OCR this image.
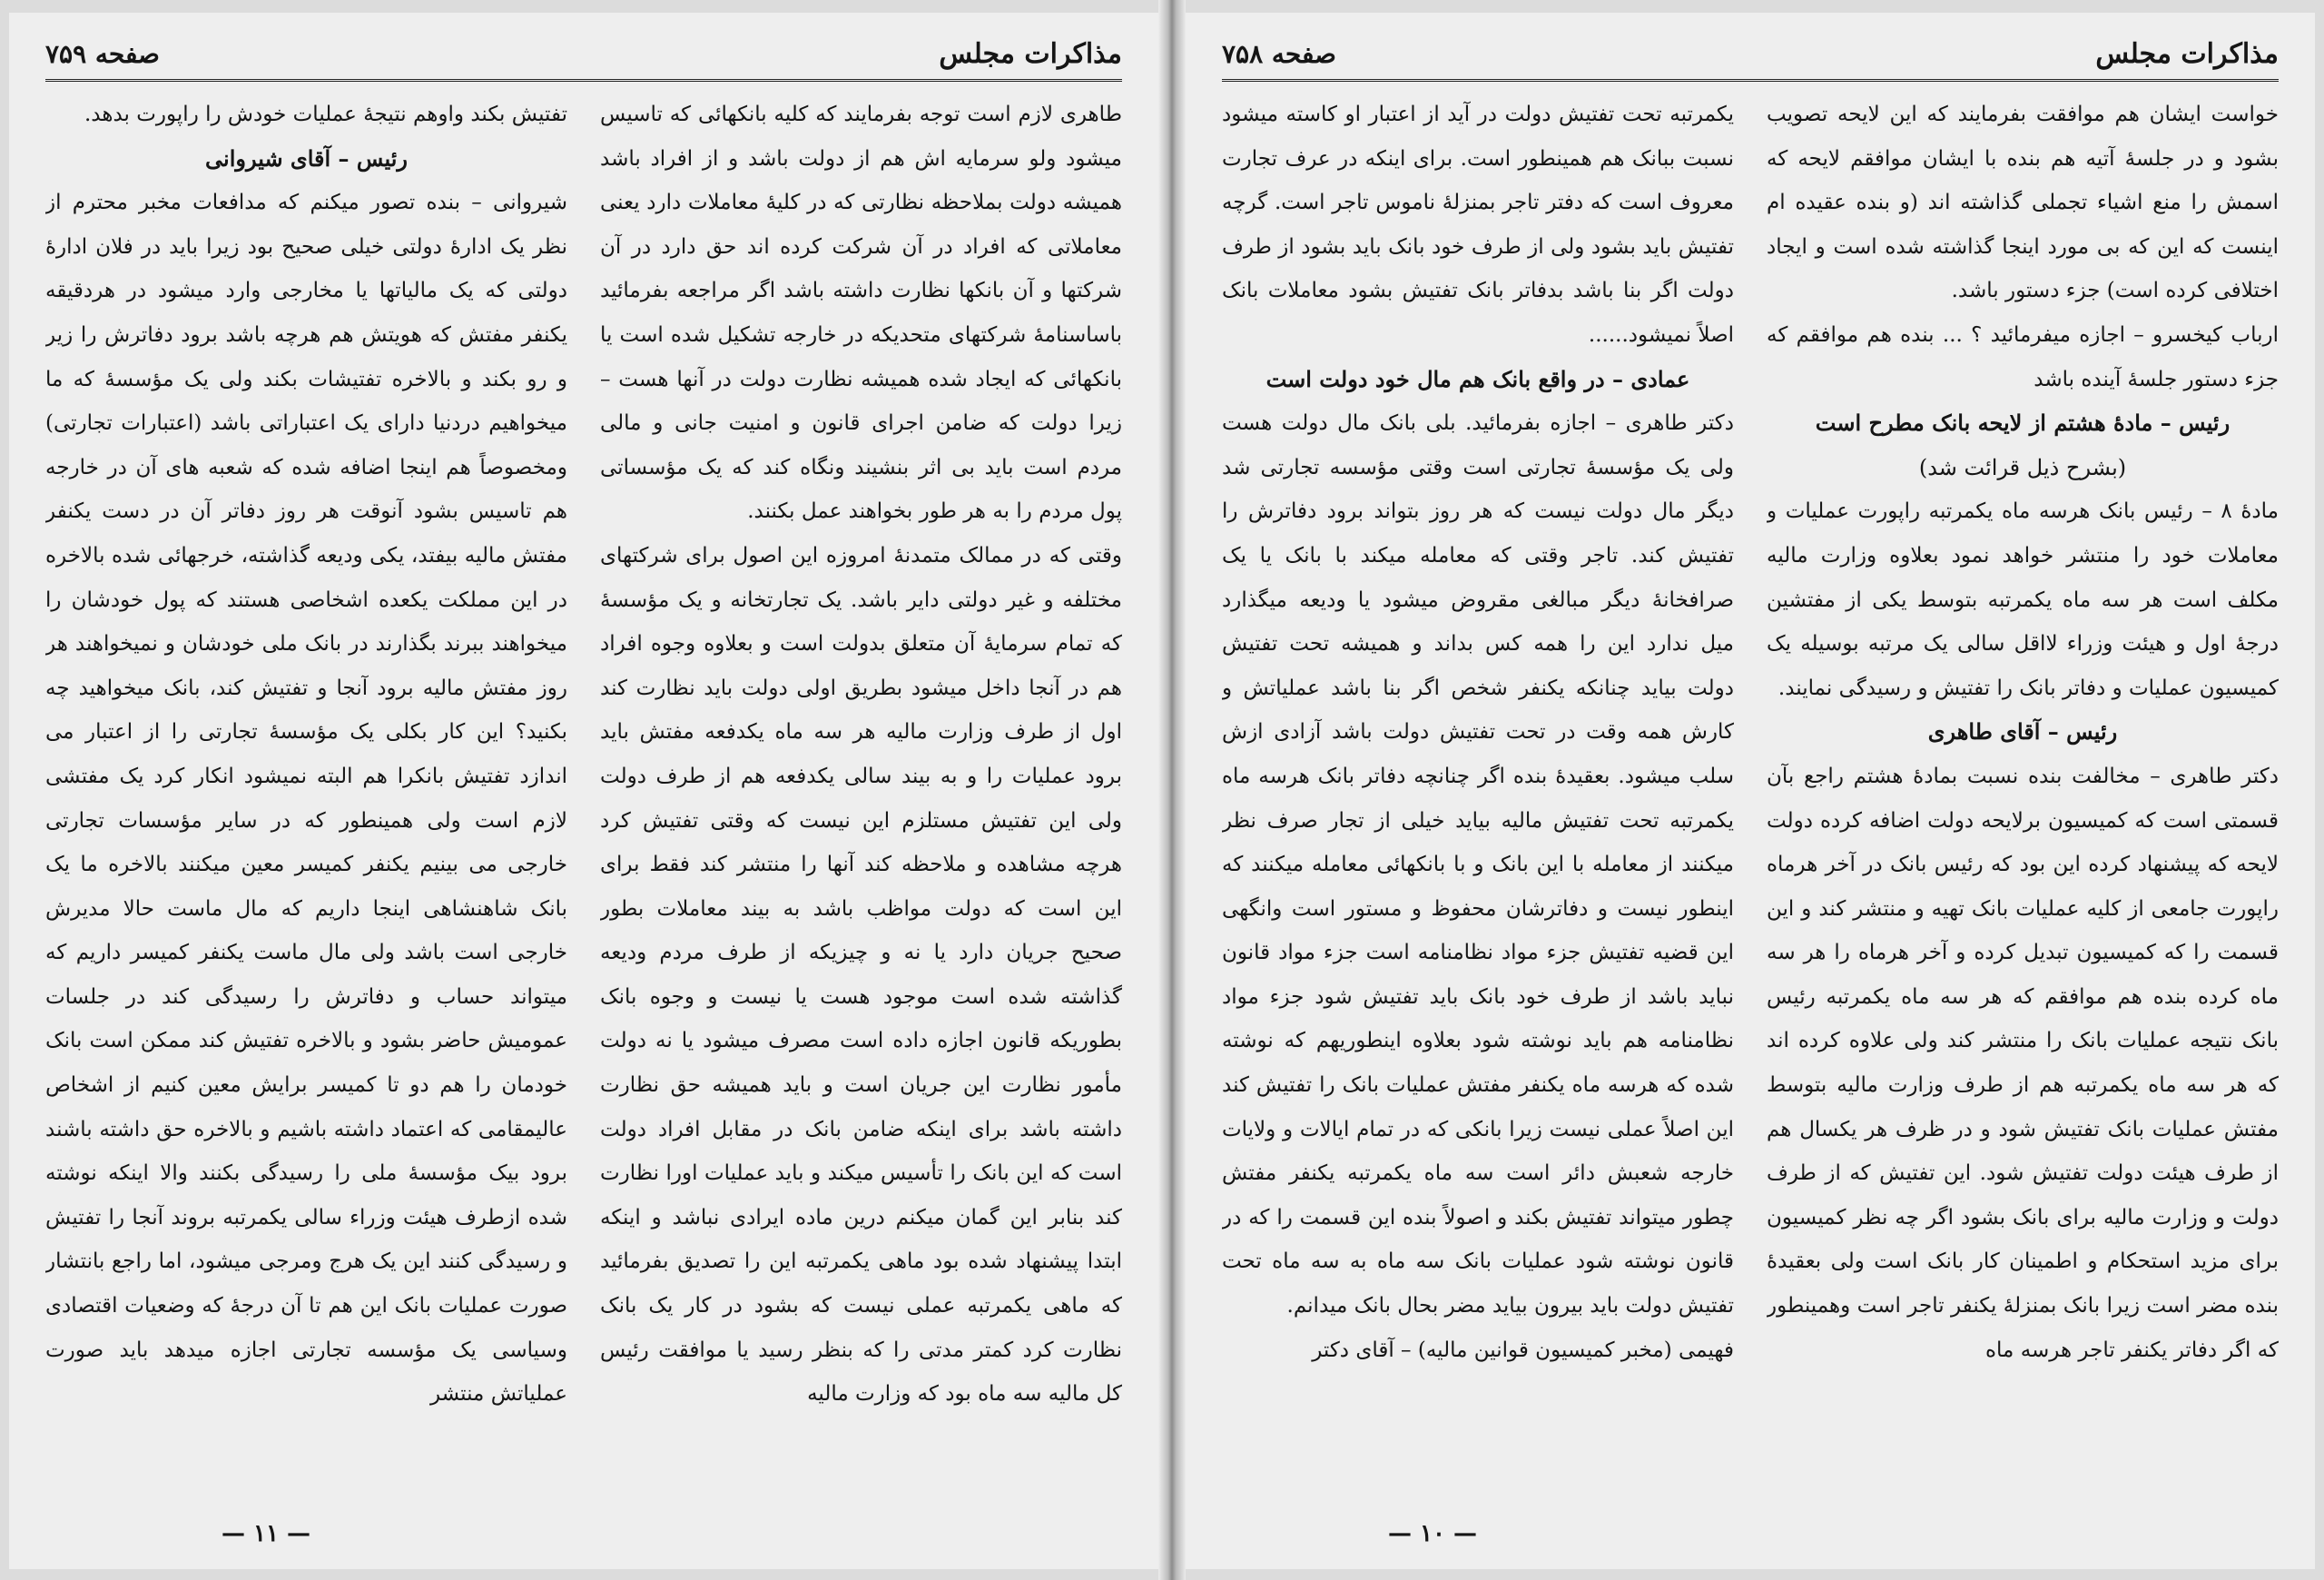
مذاکرات مجلس
صفحه ۷۵۹

طاهری لازم است توجه بفرمایند که کلیه بانکهائی که تاسیس میشود ولو سرمایه اش هم از دولت باشد و از افراد باشد همیشه دولت بملاحظه نظارتی که در کلیهٔ معاملات دارد یعنی معاملاتی که افراد در آن شرکت کرده اند حق دارد در آن شرکتها و آن بانکها نظارت داشته باشد اگر مراجعه بفرمائید باساسنامهٔ شرکتهای متحدیکه در خارجه تشکیل شده است یا بانکهائی که ایجاد شده همیشه نظارت دولت در آنها هست – زیرا دولت که ضامن اجرای قانون و امنیت جانی و مالی مردم است باید بی اثر بنشیند ونگاه کند که یک مؤسساتی پول مردم را به هر طور بخواهند عمل بکنند.

وقتی که در ممالک متمدنهٔ امروزه این اصول برای شرکتهای مختلفه و غیر دولتی دایر باشد. یک تجارتخانه و یک مؤسسهٔ که تمام سرمایهٔ آن متعلق بدولت است و بعلاوه وجوه افراد هم در آنجا داخل میشود بطریق اولی دولت باید نظارت کند اول از طرف وزارت مالیه هر سه ماه یکدفعه مفتش باید برود عملیات را و به بیند سالی یکدفعه هم از طرف دولت ولی این تفتیش مستلزم این نیست که وقتی تفتیش کرد هرچه مشاهده و ملاحظه کند آنها را منتشر کند فقط برای این است که دولت مواظب باشد به بیند معاملات بطور صحیح جریان دارد یا نه و چیزیکه از طرف مردم ودیعه گذاشته شده است موجود هست یا نیست و وجوه بانک بطوریکه قانون اجازه داده است مصرف میشود یا نه دولت مأمور نظارت این جریان است و باید همیشه حق نظارت داشته باشد برای اینکه ضامن بانک در مقابل افراد دولت است که این بانک را تأسیس میکند و باید عملیات اورا نظارت کند بنابر این گمان میکنم درین ماده ایرادی نباشد و اینکه ابتدا پیشنهاد شده بود ماهی یکمرتبه این را تصدیق بفرمائید که ماهی یکمرتبه عملی نیست که بشود در کار یک بانک نظارت کرد کمتر مدتی را که بنظر رسید یا موافقت رئیس کل مالیه سه ماه بود که وزارت مالیه

تفتیش بکند واوهم نتیجهٔ عملیات خودش را راپورت بدهد.

رئیس – آقای شیروانی

شیروانی – بنده تصور میکنم که مدافعات مخبر محترم از نظر یک ادارهٔ دولتی خیلی صحیح بود زیرا باید در فلان ادارهٔ دولتی که یک مالیاتها یا مخارجی وارد میشود در هردقیقه یکنفر مفتش که هویتش هم هرچه باشد برود دفاترش را زیر و رو بکند و بالاخره تفتیشات بکند ولی یک مؤسسهٔ که ما میخواهیم دردنیا دارای یک اعتباراتی باشد (اعتبارات تجارتی) ومخصوصاً هم اینجا اضافه شده که شعبه های آن در خارجه هم تاسیس بشود آنوقت هر روز دفاتر آن در دست یکنفر مفتش مالیه بیفتد، یکی ودیعه گذاشته، خرجهائی شده بالاخره در این مملکت یکعده اشخاصی هستند که پول خودشان را میخواهند ببرند بگذارند در بانک ملی خودشان و نمیخواهند هر روز مفتش مالیه برود آنجا و تفتیش کند، بانک میخواهید چه بکنید؟ این کار بکلی یک مؤسسهٔ تجارتی را از اعتبار می اندازد تفتیش بانکرا هم البته نمیشود انکار کرد یک مفتشی لازم است ولی همینطور که در سایر مؤسسات تجارتی خارجی می بینیم یکنفر کمیسر معین میکنند بالاخره ما یک بانک شاهنشاهی اینجا داریم که مال ماست حالا مدیرش خارجی است باشد ولی مال ماست یکنفر کمیسر داریم که میتواند حساب و دفاترش را رسیدگی کند در جلسات عمومیش حاضر بشود و بالاخره تفتیش کند ممکن است بانک خودمان را هم دو تا کمیسر برایش معین کنیم از اشخاص عالیمقامی که اعتماد داشته باشیم و بالاخره حق داشته باشند برود بیک مؤسسهٔ ملی را رسیدگی بکنند والا اینکه نوشته شده ازطرف هیئت وزراء سالی یکمرتبه بروند آنجا را تفتیش و رسیدگی کنند این یک هرج ومرجی میشود، اما راجع بانتشار صورت عملیات بانک این هم تا آن درجهٔ که وضعیات اقتصادی وسیاسی یک مؤسسه تجارتی اجازه میدهد باید صورت عملیاتش منتشر

— ۱۱ —
مذاکرات مجلس
صفحه ۷۵۸

خواست ایشان هم موافقت بفرمایند که این لایحه تصویب بشود و در جلسهٔ آتیه هم بنده با ایشان موافقم لایحه که اسمش را منع اشیاء تجملی گذاشته اند (و بنده عقیده ام اینست که این که بی مورد اینجا گذاشته شده است و ایجاد اختلافی کرده است) جزء دستور باشد.

ارباب کیخسرو – اجازه میفرمائید ؟ ... بنده هم موافقم که جزء دستور جلسهٔ آینده باشد

رئیس – مادهٔ هشتم از لایحه بانک مطرح است

(بشرح ذیل قرائت شد)

مادهٔ ۸ – رئیس بانک هرسه ماه یکمرتبه راپورت عملیات و معاملات خود را منتشر خواهد نمود بعلاوه وزارت مالیه مکلف است هر سه ماه یکمرتبه بتوسط یکی از مفتشین درجهٔ اول و هیئت وزراء لااقل سالی یک مرتبه بوسیله یک کمیسیون عملیات و دفاتر بانک را تفتیش و رسیدگی نمایند.

رئیس – آقای طاهری

دکتر طاهری – مخالفت بنده نسبت بمادهٔ هشتم راجع بآن قسمتی است که کمیسیون برلایحه دولت اضافه کرده دولت لایحه که پیشنهاد کرده این بود که رئیس بانک در آخر هرماه راپورت جامعی از کلیه عملیات بانک تهیه و منتشر کند و این قسمت را که کمیسیون تبدیل کرده و آخر هرماه را هر سه ماه کرده بنده هم موافقم که هر سه ماه یکمرتبه رئیس بانک نتیجه عملیات بانک را منتشر کند ولی علاوه کرده اند که هر سه ماه یکمرتبه هم از طرف وزارت مالیه بتوسط مفتش عملیات بانک تفتیش شود و در ظرف هر یکسال هم از طرف هیئت دولت تفتیش شود. این تفتیش که از طرف دولت و وزارت مالیه برای بانک بشود اگر چه نظر کمیسیون برای مزید استحکام و اطمینان کار بانک است ولی بعقیدهٔ بنده مضر است زیرا بانک بمنزلهٔ یکنفر تاجر است وهمینطور که اگر دفاتر یکنفر تاجر هرسه ماه

یکمرتبه تحت تفتیش دولت در آید از اعتبار او کاسته میشود نسبت ببانک هم همینطور است. برای اینکه در عرف تجارت معروف است که دفتر تاجر بمنزلهٔ ناموس تاجر است. گرچه تفتیش باید بشود ولی از طرف خود بانک باید بشود از طرف دولت اگر بنا باشد بدفاتر بانک تفتیش بشود معاملات بانک اصلاً نمیشود......

عمادی – در واقع بانک هم مال خود دولت است

دکتر طاهری – اجازه بفرمائید. بلی بانک مال دولت هست ولی یک مؤسسهٔ تجارتی است وقتی مؤسسه تجارتی شد دیگر مال دولت نیست که هر روز بتواند برود دفاترش را تفتیش کند. تاجر وقتی که معامله میکند با بانک یا یک صرافخانهٔ دیگر مبالغی مقروض میشود یا ودیعه میگذارد میل ندارد این را همه کس بداند و همیشه تحت تفتیش دولت بیاید چنانکه یکنفر شخص اگر بنا باشد عملیاتش و کارش همه وقت در تحت تفتیش دولت باشد آزادی ازش سلب میشود. بعقیدهٔ بنده اگر چنانچه دفاتر بانک هرسه ماه یکمرتبه تحت تفتیش مالیه بیاید خیلی از تجار صرف نظر میکنند از معامله با این بانک و با بانکهائی معامله میکنند که اینطور نیست و دفاترشان محفوظ و مستور است وانگهی این قضیه تفتیش جزء مواد نظامنامه است جزء مواد قانون نباید باشد از طرف خود بانک باید تفتیش شود جزء مواد نظامنامه هم باید نوشته شود بعلاوه اینطوریهم که نوشته شده که هرسه ماه یکنفر مفتش عملیات بانک را تفتیش کند این اصلاً عملی نیست زیرا بانکی که در تمام ایالات و ولایات خارجه شعبش دائر است سه ماه یکمرتبه یکنفر مفتش چطور میتواند تفتیش بکند و اصولاً بنده این قسمت را که در قانون نوشته شود عملیات بانک سه ماه به سه ماه تحت تفتیش دولت باید بیرون بیاید مضر بحال بانک میدانم.

فهیمی (مخبر کمیسیون قوانین مالیه) – آقای دکتر

— ۱۰ —
